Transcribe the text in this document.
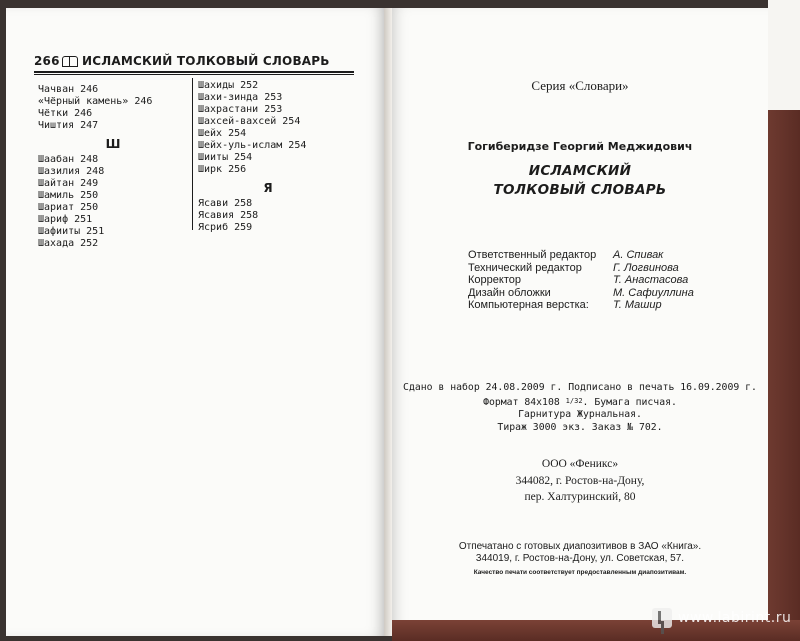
266 ИСЛАМСКИЙ ТОЛКОВЫЙ СЛОВАРЬ
Чачван 246
«Чёрный камень» 246
Чётки 246
Чиштия 247
Ш
Шаабан 248
Шазилия 248
Шайтан 249
Шамиль 250
Шариат 250
Шариф 251
Шафииты 251
Шахада 252
Шахиды 252
Шахи-зинда 253
Шахрастани 253
Шахсей-вахсей 254
Шейх 254
Шейх-уль-ислам 254
Шииты 254
Ширк 256
Я
Ясави 258
Ясавия 258
Ясриб 259
Серия «Словари»
Гогиберидзе Георгий Меджидович
ИСЛАМСКИЙ
ТОЛКОВЫЙ СЛОВАРЬ
Ответственный редактор А. Спивак
Технический редактор	Г. Логвинова
Корректор	Т. Анастасова
Дизайн обложки	М. Сафиуллина
Компьютерная верстка: Т. Машир
Сдано в набор 24.08.2009 г. Подписано в печать 16.09.2009 г.
Формат 84х108 $^{1/32}$. Бумага писчая.
Гарнитура Журнальная.
Тираж 3000 экз. Заказ № 702.
ООО «Феникс»
344082, г. Ростов-на-Дону,
пер. Халтуринский, 80
Отпечатано с готовых диапозитивов в ЗАО «Книга».
344019, г. Ростов-на-Дону, ул. Советская, 57.
Качество печати соответствует предоставленным диапозитивам.
www.labirint.ru
